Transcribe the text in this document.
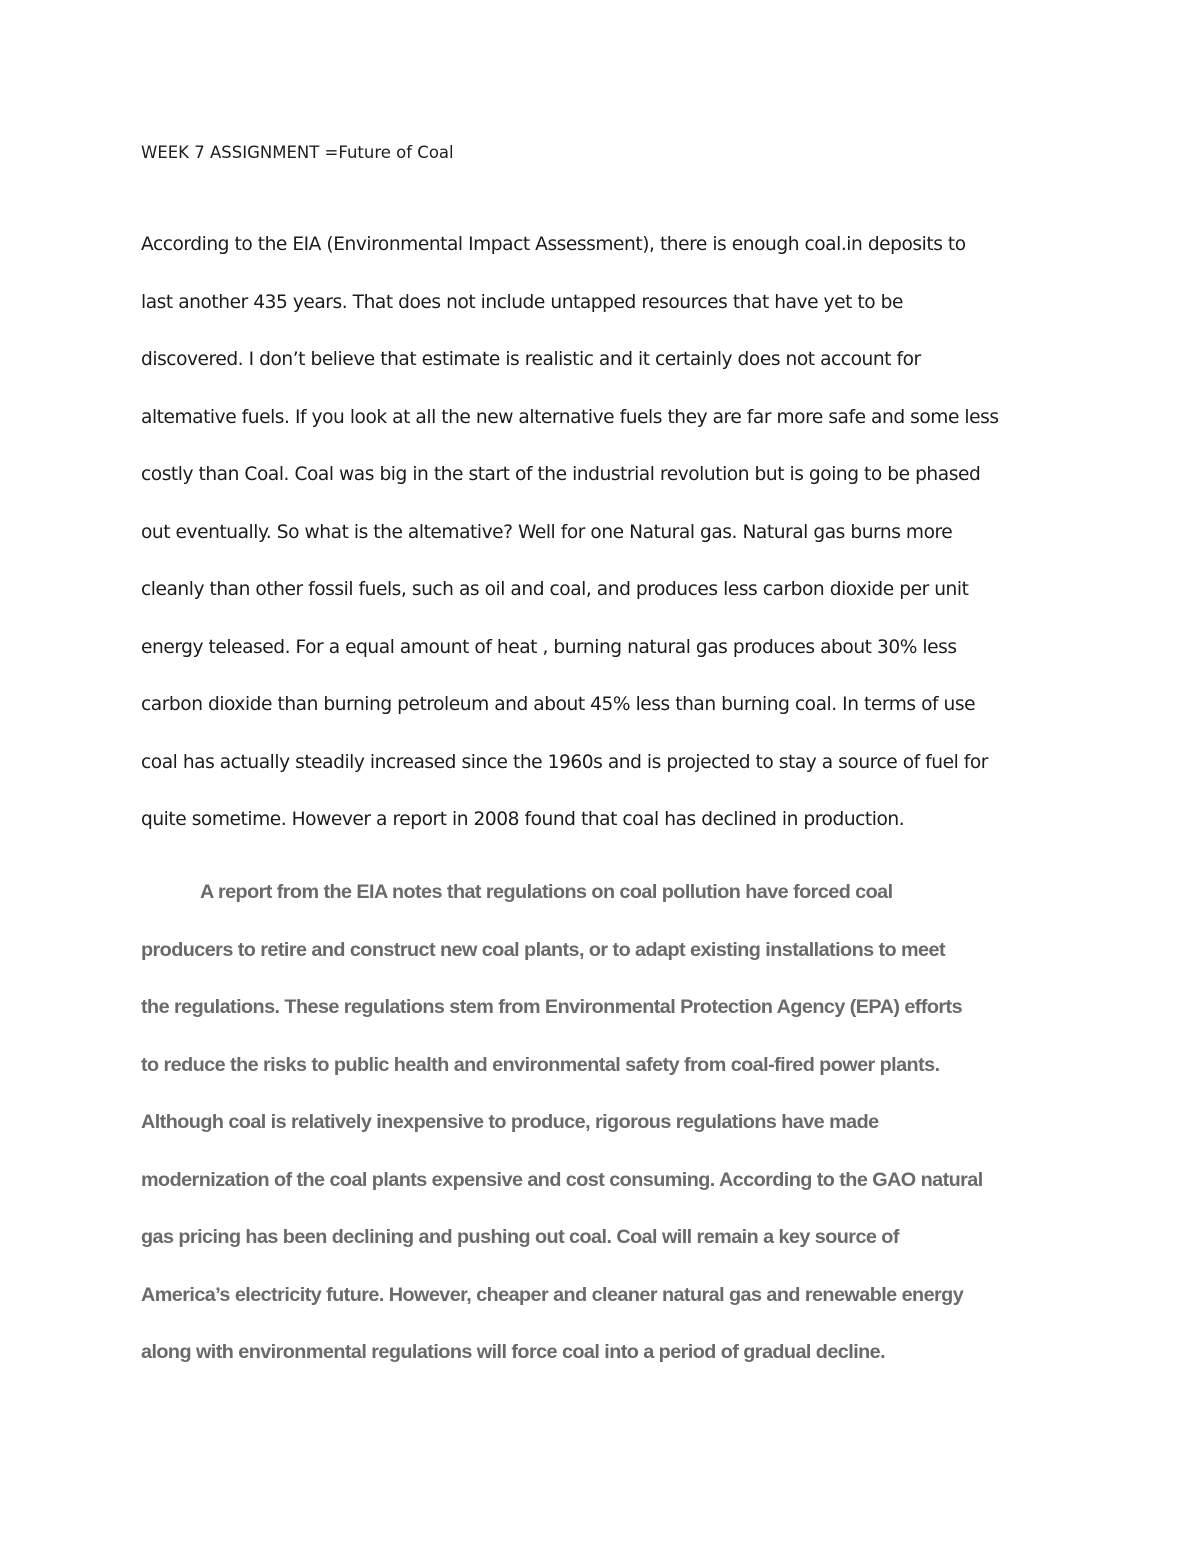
WEEK 7 ASSIGNMENT =Future of Coal
According to the EIA (Environmental Impact Assessment), there is enough coal.in deposits to
last another 435 years. That does not include untapped resources that have yet to be
discovered. I don’t believe that estimate is realistic and it certainly does not account for
altemative fuels. If you look at all the new alternative fuels they are far more safe and some less
costly than Coal. Coal was big in the start of the industrial revolution but is going to be phased
out eventually. So what is the altemative? Well for one Natural gas. Natural gas burns more
cleanly than other fossil fuels, such as oil and coal, and produces less carbon dioxide per unit
energy teleased. For a equal amount of heat , burning natural gas produces about 30% less
carbon dioxide than burning petroleum and about 45% less than burning coal. In terms of use
coal has actually steadily increased since the 1960s and is projected to stay a source of fuel for
quite sometime. However a report in 2008 found that coal has declined in production.
A report from the EIA notes that regulations on coal pollution have forced coal
producers to retire and construct new coal plants, or to adapt existing installations to meet
the regulations. These regulations stem from Environmental Protection Agency (EPA) efforts
to reduce the risks to public health and environmental safety from coal-fired power plants.
Although coal is relatively inexpensive to produce, rigorous regulations have made
modernization of the coal plants expensive and cost consuming. According to the GAO natural
gas pricing has been declining and pushing out coal. Coal will remain a key source of
America’s electricity future. However, cheaper and cleaner natural gas and renewable energy
along with environmental regulations will force coal into a period of gradual decline.
